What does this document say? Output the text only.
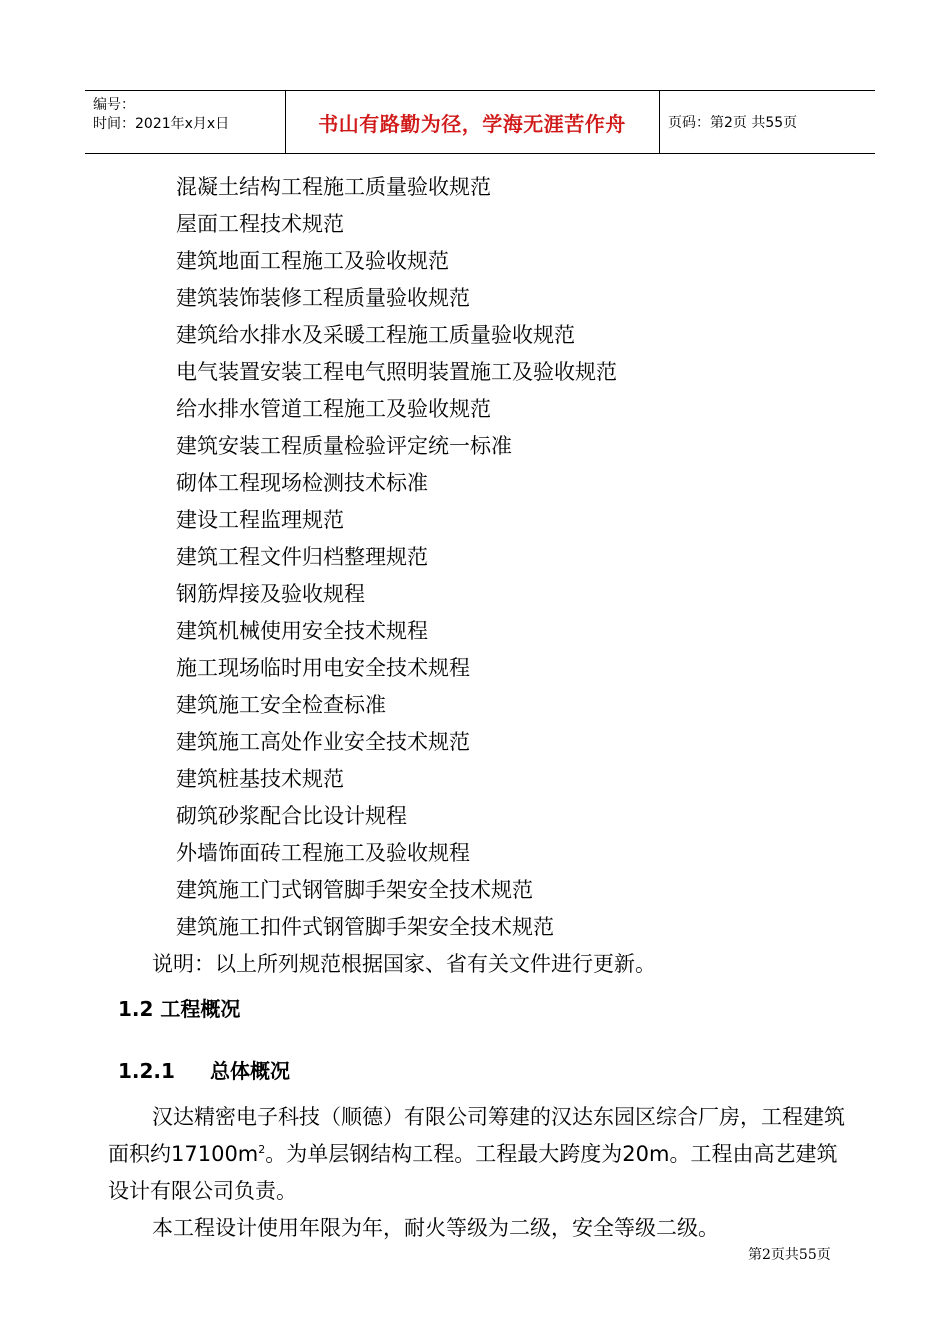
编号：
时间：2021年x月x日	书山有路勤为径，学海无涯苦作舟	页码：第2页 共55页
混凝土结构工程施工质量验收规范
屋面工程技术规范
建筑地面工程施工及验收规范
建筑装饰装修工程质量验收规范
建筑给水排水及采暖工程施工质量验收规范
电气装置安装工程电气照明装置施工及验收规范
给水排水管道工程施工及验收规范
建筑安装工程质量检验评定统一标准
砌体工程现场检测技术标准
建设工程监理规范
建筑工程文件归档整理规范
钢筋焊接及验收规程
建筑机械使用安全技术规程
施工现场临时用电安全技术规程
建筑施工安全检查标准
建筑施工高处作业安全技术规范
建筑桩基技术规范
砌筑砂浆配合比设计规程
外墙饰面砖工程施工及验收规程
建筑施工门式钢管脚手架安全技术规范
建筑施工扣件式钢管脚手架安全技术规范
说明：以上所列规范根据国家、省有关文件进行更新。
1.2 工程概况
1.2.1 总体概况
汉达精密电子科技（顺德）有限公司筹建的汉达东园区综合厂房，工程建筑面积约$17100m^2$。为单层钢结构工程。工程最大跨度为20m。工程由高艺建筑设计有限公司负责。
本工程设计使用年限为年，耐火等级为二级，安全等级二级。
第2页共55页
